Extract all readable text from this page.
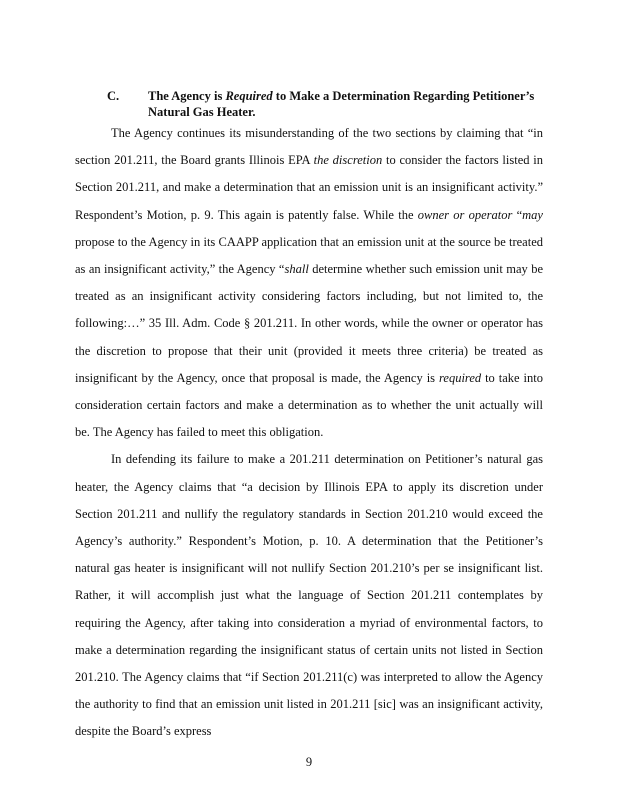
C. The Agency is Required to Make a Determination Regarding Petitioner’s Natural Gas Heater.

The Agency continues its misunderstanding of the two sections by claiming that “in section 201.211, the Board grants Illinois EPA the discretion to consider the factors listed in Section 201.211, and make a determination that an emission unit is an insignificant activity.” Respondent’s Motion, p. 9. This again is patently false. While the owner or operator “may propose to the Agency in its CAAPP application that an emission unit at the source be treated as an insignificant activity,” the Agency “shall determine whether such emission unit may be treated as an insignificant activity considering factors including, but not limited to, the following:…” 35 Ill. Adm. Code § 201.211. In other words, while the owner or operator has the discretion to propose that their unit (provided it meets three criteria) be treated as insignificant by the Agency, once that proposal is made, the Agency is required to take into consideration certain factors and make a determination as to whether the unit actually will be. The Agency has failed to meet this obligation.

In defending its failure to make a 201.211 determination on Petitioner’s natural gas heater, the Agency claims that “a decision by Illinois EPA to apply its discretion under Section 201.211 and nullify the regulatory standards in Section 201.210 would exceed the Agency’s authority.” Respondent’s Motion, p. 10. A determination that the Petitioner’s natural gas heater is insignificant will not nullify Section 201.210’s per se insignificant list. Rather, it will accomplish just what the language of Section 201.211 contemplates by requiring the Agency, after taking into consideration a myriad of environmental factors, to make a determination regarding the insignificant status of certain units not listed in Section 201.210. The Agency claims that “if Section 201.211(c) was interpreted to allow the Agency the authority to find that an emission unit listed in 201.211 [sic] was an insignificant activity, despite the Board’s express

9
